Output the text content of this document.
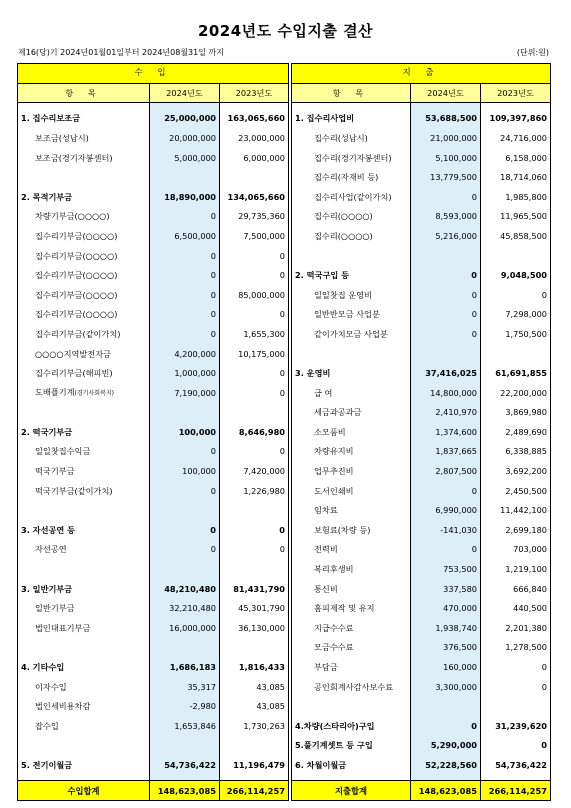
2024년도 수입지출 결산
제16(당)기 2024년01월01일부터 2024년08월31일 까지	(단위:원)
수 입				지 출		
항 목	2024년도	2023년도		항 목	2024년도	2023년도

1. 집수리보조금	25,000,000	163,065,660		1. 집수리사업비	53,688,500	109,397,860
보조금(성남시)	20,000,000	23,000,000		집수리(성남시)	21,000,000	24,716,000
보조금(경기자봉센터)	5,000,000	6,000,000		집수리(경기자봉센터)	5,100,000	6,158,000
				집수리(자재비 등)	13,779,500	18,714,060
2. 목적기부금	18,890,000	134,065,660		집수리사업(같이가치)	0	1,985,800
차량기부금(○○○○)	0	29,735,360		집수리(○○○○)	8,593,000	11,965,500
집수리기부금(○○○○)	6,500,000	7,500,000		집수리(○○○○)	5,216,000	45,858,500
집수리기부금(○○○○)	0	0				
집수리기부금(○○○○)	0	0		2. 떡국구입 등	0	9,048,500
집수리기부금(○○○○)	0	85,000,000		일일찻집 운영비	0	0
집수리기부금(○○○○)	0	0		일반반모금 사업분	0	7,298,000
집수리기부금(같이가치)	0	1,655,300		같이가치모금 사업분	0	1,750,500
○○○○지역발전자금	4,200,000	10,175,000				
집수리기부금(해피빈)	1,000,000	0		3. 운영비	37,416,025	61,691,855
도배플기계(경기사회복지)	7,190,000	0		급 여	14,800,000	22,200,000
				세금과공과금	2,410,970	3,869,980
2. 떡국기부금	100,000	8,646,980		소모품비	1,374,600	2,489,690
일일찻집수익금	0	0		차량유지비	1,837,665	6,338,885
떡국기부금	100,000	7,420,000		업무추진비	2,807,500	3,692,200
떡국기부금(같이가치)	0	1,226,980		도서인쇄비	0	2,450,500
				임차료	6,990,000	11,442,100
3. 자선공연 등	0	0		보험료(차량 등)	-141,030	2,699,180
자선공연	0	0		전력비	0	703,000
				복리후생비	753,500	1,219,100
3. 일반기부금	48,210,480	81,431,790		통신비	337,580	666,840
일반기부금	32,210,480	45,301,790		홈피제작 및 유지	470,000	440,500
법인대표기부금	16,000,000	36,130,000		지급수수료	1,938,740	2,201,380
				모금수수료	376,500	1,278,500
4. 기타수입	1,686,183	1,816,433		부담금	160,000	0
이자수입	35,317	43,085		공인회계사감사보수료	3,300,000	0
법인세비용차감	-2,980	43,085				
잡수입	1,653,846	1,730,263		4.차량(스타리아)구입	0	31,239,620
				5.풀기계셋트 등 구입	5,290,000	0
5. 전기이월금	54,736,422	11,196,479		6. 차월이월금	52,228,560	54,736,422

수입합계	148,623,085	266,114,257		지출합계	148,623,085	266,114,257
